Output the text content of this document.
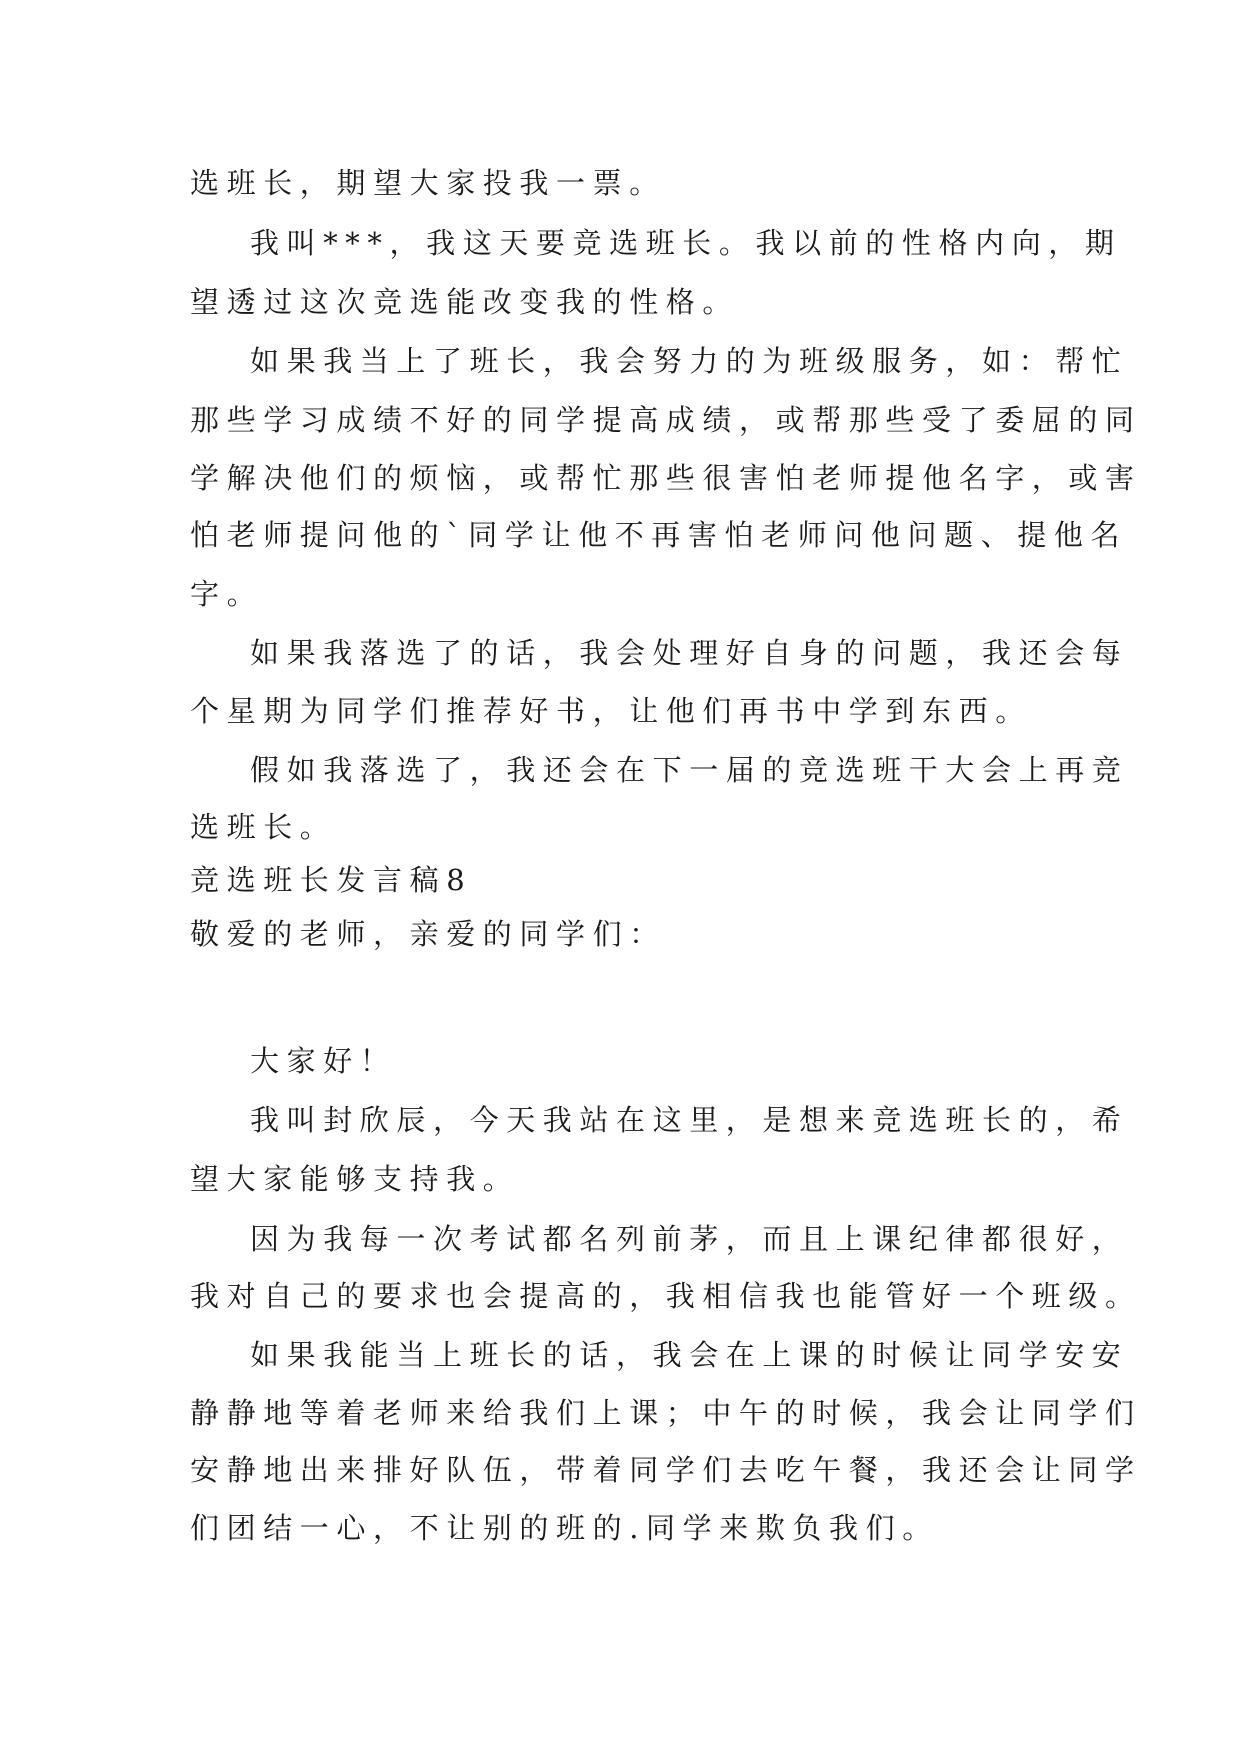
选班长，期望大家投我一票。
我叫***，我这天要竞选班长。我以前的性格内向，期
望透过这次竞选能改变我的性格。
如果我当上了班长，我会努力的为班级服务，如：帮忙
那些学习成绩不好的同学提高成绩，或帮那些受了委屈的同
学解决他们的烦恼，或帮忙那些很害怕老师提他名字，或害
怕老师提问他的`同学让他不再害怕老师问他问题、提他名
字。
如果我落选了的话，我会处理好自身的问题，我还会每
个星期为同学们推荐好书，让他们再书中学到东西。
假如我落选了，我还会在下一届的竞选班干大会上再竞
选班长。
竞选班长发言稿8
敬爱的老师，亲爱的同学们：
大家好！
我叫封欣辰，今天我站在这里，是想来竞选班长的，希
望大家能够支持我。
因为我每一次考试都名列前茅，而且上课纪律都很好，
我对自己的要求也会提高的，我相信我也能管好一个班级。
如果我能当上班长的话，我会在上课的时候让同学安安
静静地等着老师来给我们上课；中午的时候，我会让同学们
安静地出来排好队伍，带着同学们去吃午餐，我还会让同学
们团结一心，不让别的班的.同学来欺负我们。
